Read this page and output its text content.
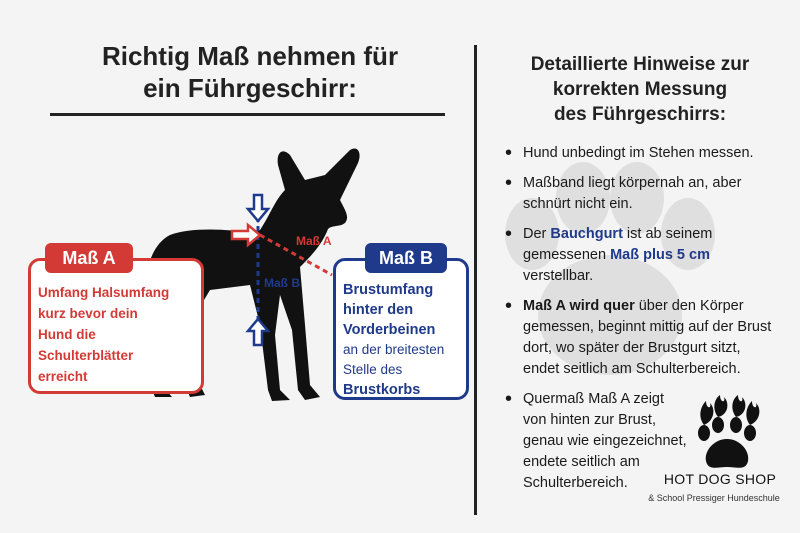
Richtig Maß nehmen für
ein Führgeschirr:
Detaillierte Hinweise zur
korrekten Messung
des Führgeschirrs:
• Hund unbedingt im Stehen messen.
• Maßband liegt körpernah an, aber schnürt nicht ein.
• Der Bauchgurt ist ab seinem gemessenen Maß plus 5 cm verstellbar.
• Maß A wird quer über den Körper gemessen, beginnt mittig auf der Brust dort, wo später der Brustgurt sitzt, endet seitlich am Schulterbereich.
• Quermaß Maß A zeigt von hinten zur Brust, genau wie eingezeichnet, endete seitlich am Schulterbereich.
Maß A
Maß B
Maß A
Umfang Halsumfang
kurz bevor dein
Hund die
Schulterblätter
erreicht
Maß B
Brustumfang
hinter den
Vorderbeinen
an der breitesten
Stelle des
Brustkorbs
HOT DOG SHOP
& School Pressiger Hundeschule
